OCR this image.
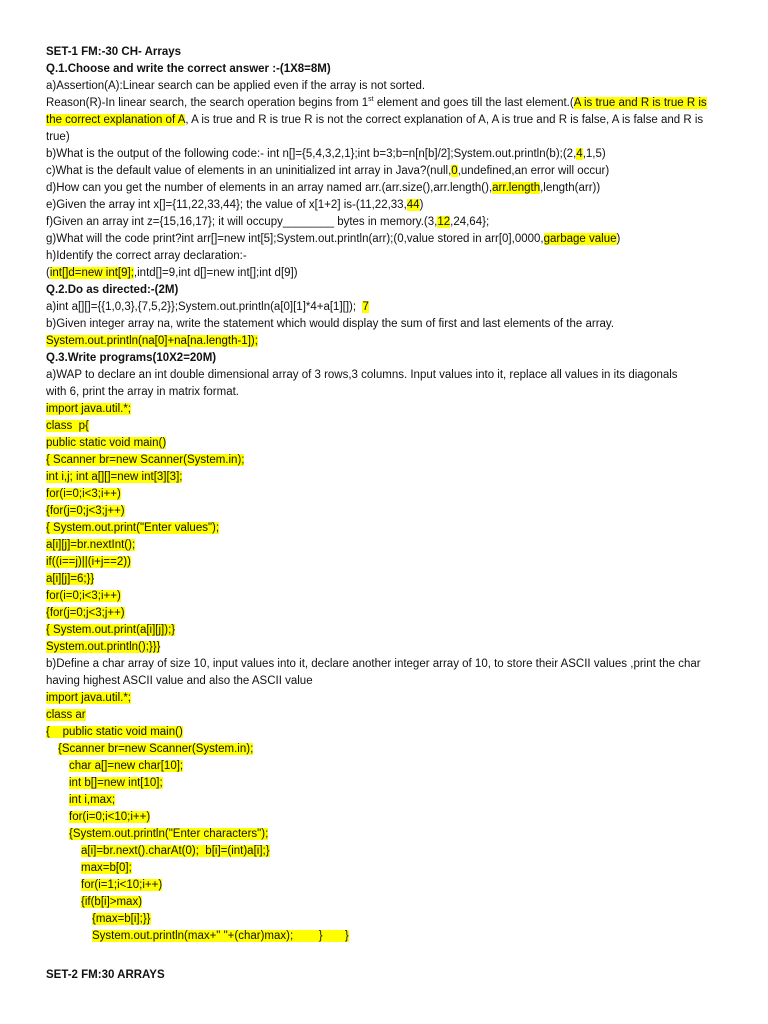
SET-1 FM:-30 CH- Arrays

Q.1.Choose and write the correct answer :-(1X8=8M)

a)Assertion(A):Linear search can be applied even if the array is not sorted.

Reason(R)-In linear search, the search operation begins from 1st element and goes till the last element.(A is true and R is true R is

the correct explanation of A, A is true and R is true R is not the correct explanation of A, A is true and R is false, A is false and R is

true)

b)What is the output of the following code:- int n[]={5,4,3,2,1};int b=3;b=n[n[b]/2];System.out.println(b);(2,4,1,5)

c)What is the default value of elements in an uninitialized int array in Java?(null,0,undefined,an error will occur)

d)How can you get the number of elements in an array named arr.(arr.size(),arr.length(),arr.length,length(arr))

e)Given the array int x[]={11,22,33,44}; the value of x[1+2] is-(11,22,33,44)

f)Given an array int z={15,16,17}; it will occupy________ bytes in memory.(3,12,24,64};

g)What will the code print?int arr[]=new int[5];System.out.println(arr);(0,value stored in arr[0],0000,garbage value)

h)Identify the correct array declaration:-

(int[]d=new int[9];,intd[]=9,int d[]=new int[];int d[9])

Q.2.Do as directed:-(2M)

a)int a[][]={{1,0,3},{7,5,2}};System.out.println(a[0][1]*4+a[1][]);  7

b)Given integer array na, write the statement which would display the sum of first and last elements of the array.

System.out.println(na[0]+na[na.length-1]);

Q.3.Write programs(10X2=20M)

a)WAP to declare an int double dimensional array of 3 rows,3 columns. Input values into it, replace all values in its diagonals

with 6, print the array in matrix format.

import java.util.*;

class  p{

public static void main()

{ Scanner br=new Scanner(System.in);

int i,j; int a[][]=new int[3][3];

for(i=0;i<3;i++)

{for(j=0;j<3;j++)

{ System.out.print("Enter values");

a[i][j]=br.nextInt();

if((i==j)||(i+j==2))

a[i][j]=6;}}

for(i=0;i<3;i++)

{for(j=0;j<3;j++)

{ System.out.print(a[i][j]);}

System.out.println();}}}

b)Define a char array of size 10, input values into it, declare another integer array of 10, to store their ASCII values ,print the char

having highest ASCII value and also the ASCII value

import java.util.*;

class ar

{    public static void main()

{Scanner br=new Scanner(System.in);

char a[]=new char[10];

int b[]=new int[10];

int i,max;

for(i=0;i<10;i++)

{System.out.println("Enter characters");

a[i]=br.next().charAt(0);  b[i]=(int)a[i];}

max=b[0];

for(i=1;i<10;i++)

{if(b[i]>max)

{max=b[i];}}

System.out.println(max+" "+(char)max);        }       }

SET-2 FM:30 ARRAYS
